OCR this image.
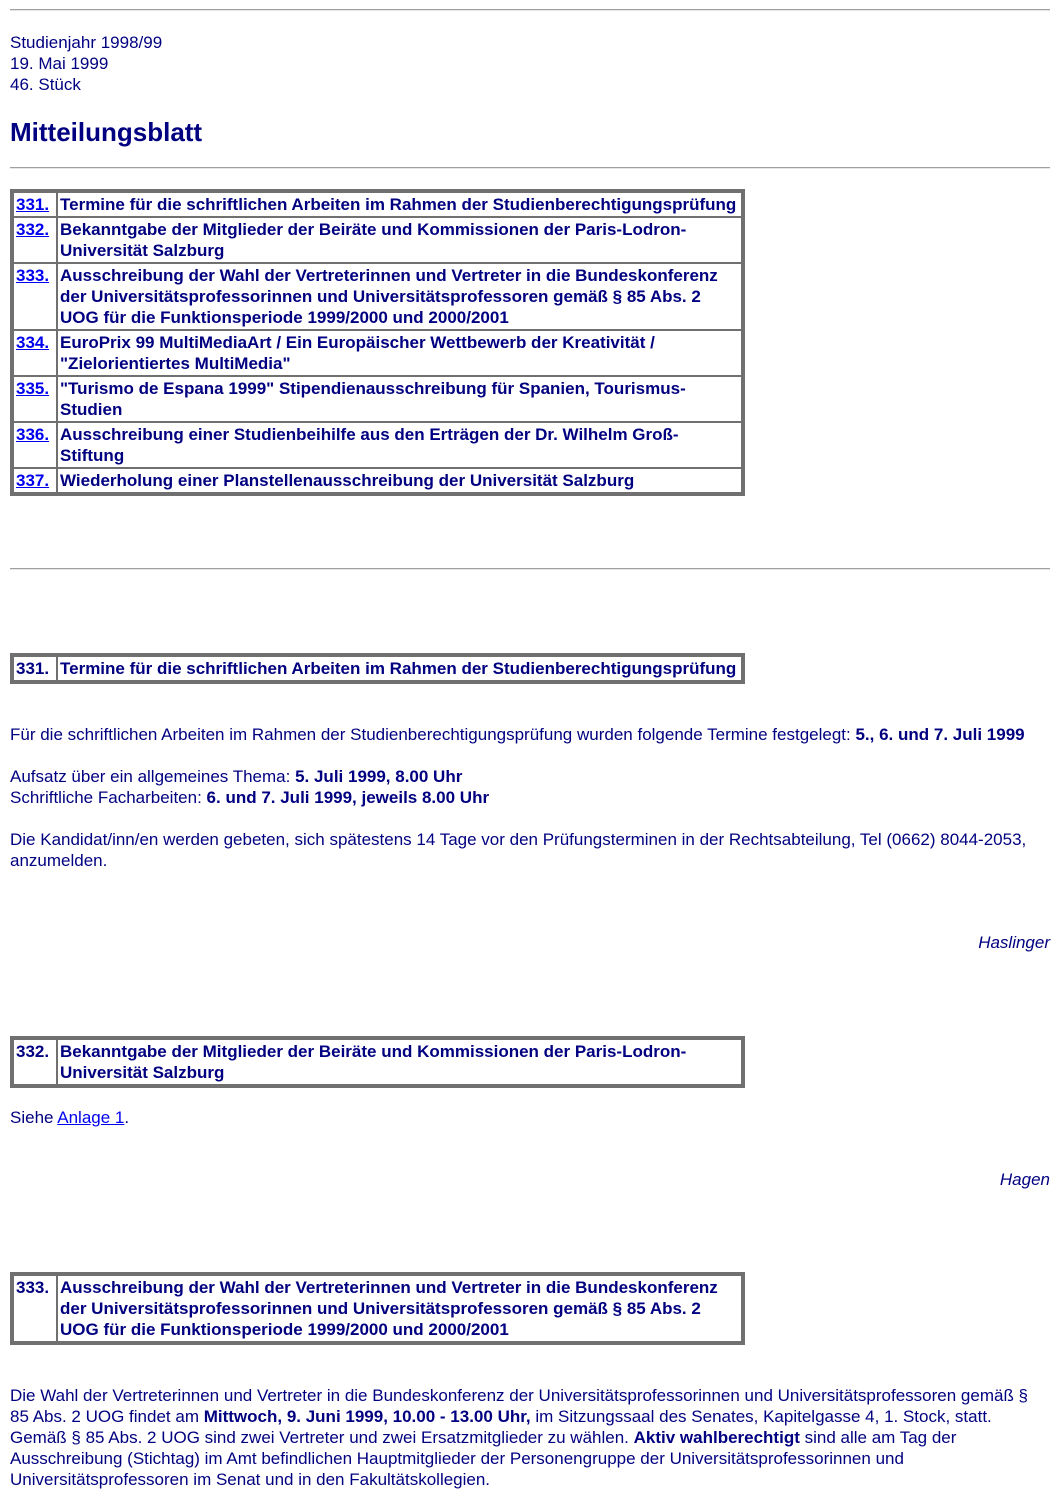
Studienjahr 1998/99
19. Mai 1999
46. Stück
Mitteilungsblatt
331.	Termine für die schriftlichen Arbeiten im Rahmen der Studienberechtigungsprüfung
332.	Bekanntgabe der Mitglieder der Beiräte und Kommissionen der Paris-Lodron-Universität Salzburg
333.	Ausschreibung der Wahl der Vertreterinnen und Vertreter in die Bundeskonferenz der Universitätsprofessorinnen und Universitätsprofessoren gemäß § 85 Abs. 2 UOG für die Funktionsperiode 1999/2000 und 2000/2001
334.	EuroPrix 99 MultiMediaArt / Ein Europäischer Wettbewerb der Kreativität / "Zielorientiertes MultiMedia"
335.	"Turismo de Espana 1999" Stipendienausschreibung für Spanien, Tourismus-Studien
336.	Ausschreibung einer Studienbeihilfe aus den Erträgen der Dr. Wilhelm Groß-Stiftung
337.	Wiederholung einer Planstellenausschreibung der Universität Salzburg
331.	Termine für die schriftlichen Arbeiten im Rahmen der Studienberechtigungsprüfung

Für die schriftlichen Arbeiten im Rahmen der Studienberechtigungsprüfung wurden folgende Termine festgelegt: 5., 6. und 7. Juli 1999

Aufsatz über ein allgemeines Thema: 5. Juli 1999, 8.00 Uhr
Schriftliche Facharbeiten: 6. und 7. Juli 1999, jeweils 8.00 Uhr

Die Kandidat/inn/en werden gebeten, sich spätestens 14 Tage vor den Prüfungsterminen in der Rechtsabteilung, Tel (0662) 8044-2053, anzumelden.

Haslinger
332.	Bekanntgabe der Mitglieder der Beiräte und Kommissionen der Paris-Lodron-Universität Salzburg

Siehe Anlage 1.

Hagen
333.	Ausschreibung der Wahl der Vertreterinnen und Vertreter in die Bundeskonferenz der Universitätsprofessorinnen und Universitätsprofessoren gemäß § 85 Abs. 2 UOG für die Funktionsperiode 1999/2000 und 2000/2001

Die Wahl der Vertreterinnen und Vertreter in die Bundeskonferenz der Universitätsprofessorinnen und Universitätsprofessoren gemäß § 85 Abs. 2 UOG findet am Mittwoch, 9. Juni 1999, 10.00 - 13.00 Uhr, im Sitzungssaal des Senates, Kapitelgasse 4, 1. Stock, statt. Gemäß § 85 Abs. 2 UOG sind zwei Vertreter und zwei Ersatzmitglieder zu wählen. Aktiv wahlberechtigt sind alle am Tag der Ausschreibung (Stichtag) im Amt befindlichen Hauptmitglieder der Personengruppe der Universitätsprofessorinnen und Universitätsprofessoren im Senat und in den Fakultätskollegien.
